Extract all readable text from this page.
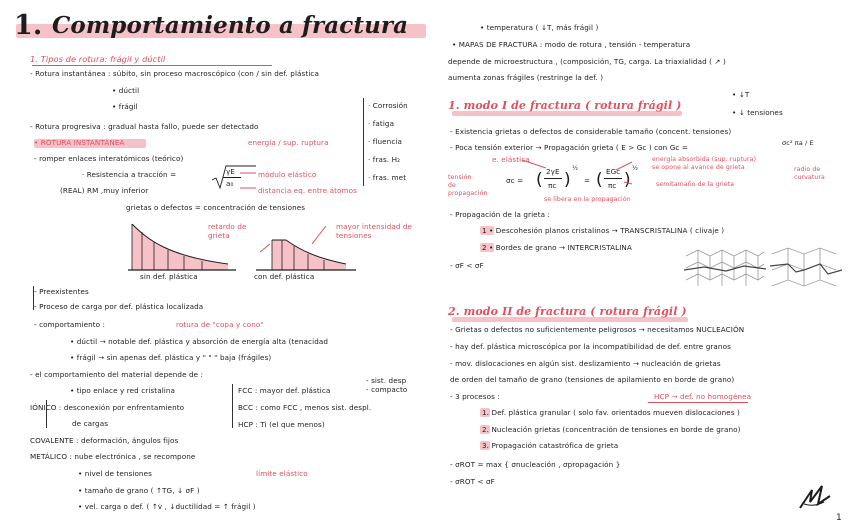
1. Comportamiento a fractura
1. Tipos de rotura: frágil y dúctil
- Rotura instantánea : súbito, sin proceso macroscópico (con / sin def. plástica
• dúctil
• frágil	· Corrosión
· fatiga
· fluencia
· fras. H₂
· fras. met
- Rotura progresiva : gradual hasta fallo, puede ser detectado
• ROTURA INSTANTÁNEA	energía / sup. ruptura
- romper enlaces interatómicos (teórico)
· Resistencia a tracción =	γE
a₀
módulo elástico
(REAL) RM ,muy inferior	distancia eq. entre átomos
grietas o defectos = concentración de tensiones
retardo de grieta
mayor intensidad de tensiones
sin def. plástica	con def. plástica
- Preexistentes
- Proceso de carga por def. plástica localizada
- comportamiento :	rotura de "copa y cono"
• dúctil → notable def. plástica y absorción de energía alta (tenacidad
• frágil → sin apenas def. plástica y " " " baja (frágiles)
- el comportamiento del material depende de :
• tipo enlace y red cristalina	FCC : mayor def. plástica
BCC : como FCC , menos sist. despl.
HCP : Ti (el que menos)
- sist. desp
- compacto
IÓNICO : desconexión por enfrentamiento
de cargas
COVALENTE : deformación, ángulos fijos
METÁLICO : nube electrónica , se recompone
• nivel de tensiones	límite elástico
• tamaño de grano ( ↑TG, ↓ σF )
• vel. carga o def. ( ↑v̇ , ↓ductilidad = ↑ frágil )
• temperatura ( ↓T, más frágil )
• MAPAS DE FRACTURA : modo de rotura , tensión - temperatura
depende de microestructura , (composición, TG, carga. La triaxialidad ( ↗ )
aumenta zonas frágiles (restringe la def. )
1. modo I de fractura ( rotura frágil )
• ↓T
• ↓ tensiones
- Existencia grietas o defectos de considerable tamaño (concent. tensiones)
- Poca tensión exterior → Propagación grieta ( E > Gc ) con Gc =	σc² πa / E
e. elástica	energía absorbida (sup. ruptura)
se opone al avance de grieta
tensión
de
propagación
σc = ( 2γE
πc )
½
= ( EGc
πc )
½
semitamaño de la grieta
radio de
curvatura
se libera en la propagación
- Propagación de la grieta :
1 • Descohesión planos cristalinos → TRANSCRISTALINA ( clivaje )
2 • Bordes de grano → INTERCRISTALINA
- σF < σF
2. modo II de fractura ( rotura frágil )
- Grietas o defectos no suficientemente peligrosos → necesitamos NUCLEACIÓN
- hay def. plástica microscópica por la incompatibilidad de def. entre granos
- mov. dislocaciones en algún sist. deslizamiento → nucleación de grietas
de orden del tamaño de grano (tensiones de apilamiento en borde de grano)
- 3 procesos :	HCP → def. no homogénea
1. Def. plástica granular ( solo fav. orientados mueven dislocaciones )
2. Nucleación grietas (concentración de tensiones en borde de grano)
3. Propagación catastrófica de grieta
- σROT = max { σnucleación , σpropagación }
- σROT < σF
1
